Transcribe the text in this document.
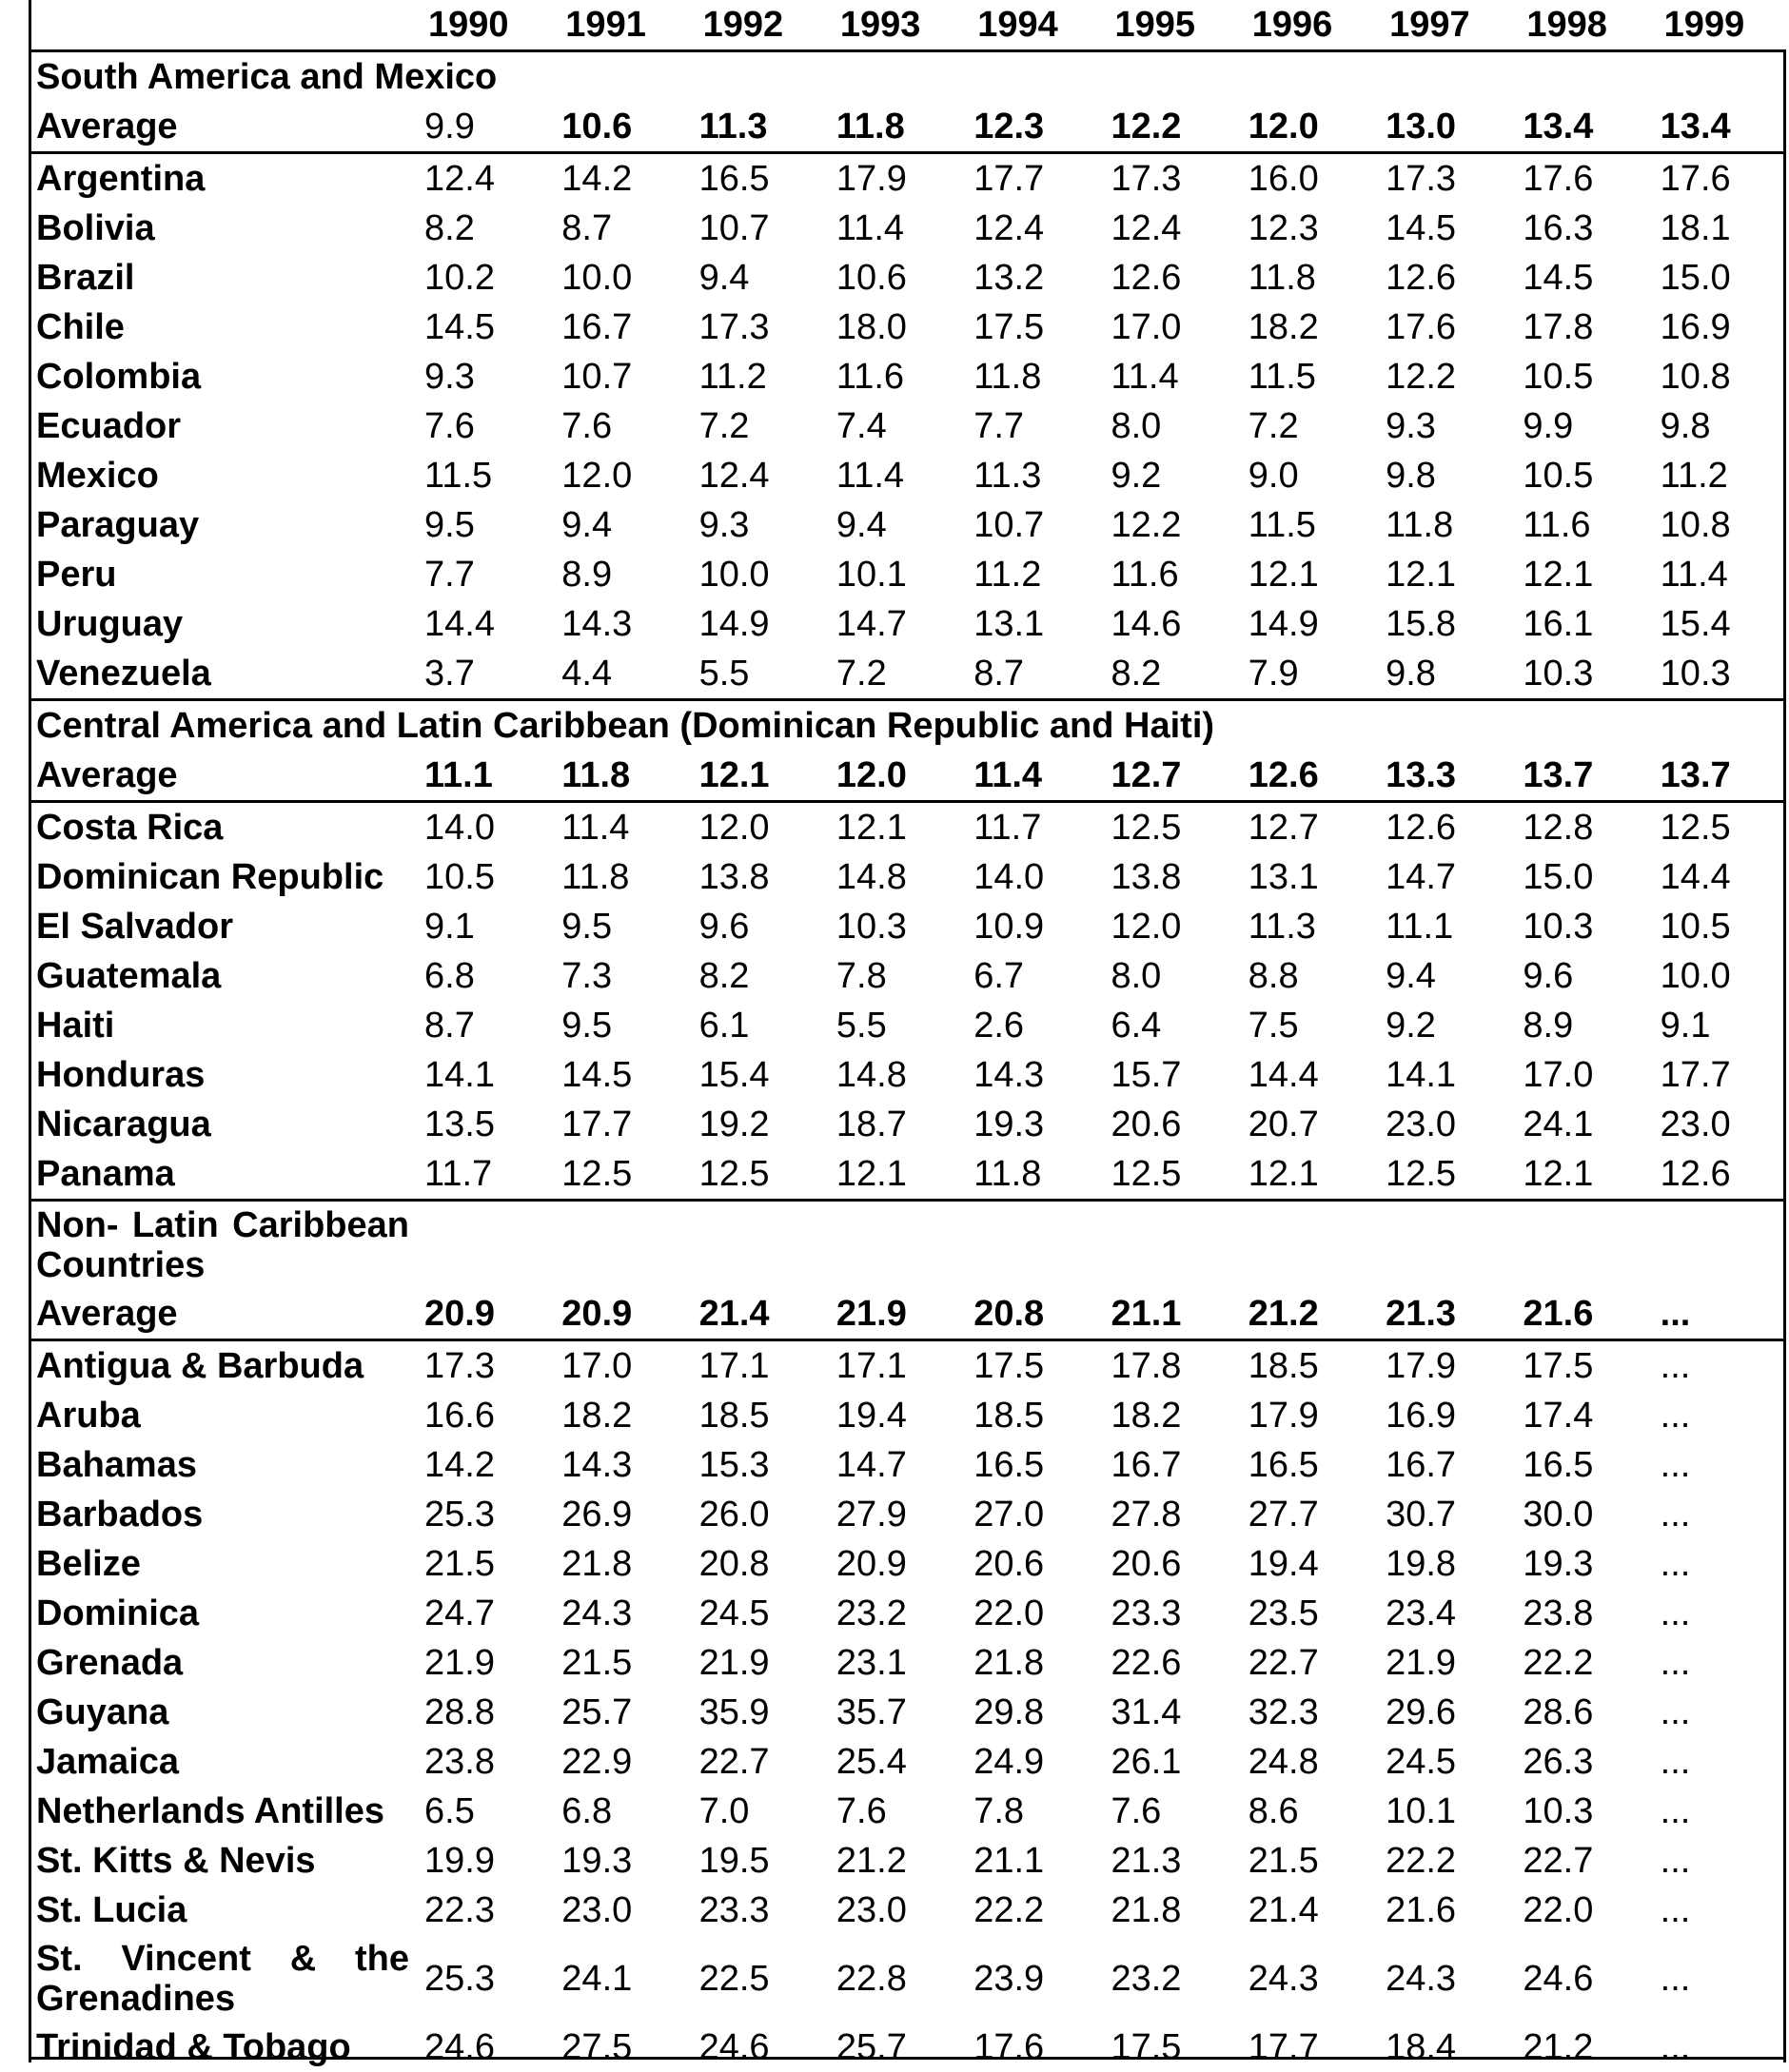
	1990	1991	1992	1993	1994	1995	1996	1997	1998	1999
South America and Mexico										
Average	9.9	10.6	11.3	11.8	12.3	12.2	12.0	13.0	13.4	13.4
Argentina	12.4	14.2	16.5	17.9	17.7	17.3	16.0	17.3	17.6	17.6
Bolivia	8.2	8.7	10.7	11.4	12.4	12.4	12.3	14.5	16.3	18.1
Brazil	10.2	10.0	9.4	10.6	13.2	12.6	11.8	12.6	14.5	15.0
Chile	14.5	16.7	17.3	18.0	17.5	17.0	18.2	17.6	17.8	16.9
Colombia	9.3	10.7	11.2	11.6	11.8	11.4	11.5	12.2	10.5	10.8
Ecuador	7.6	7.6	7.2	7.4	7.7	8.0	7.2	9.3	9.9	9.8
Mexico	11.5	12.0	12.4	11.4	11.3	9.2	9.0	9.8	10.5	11.2
Paraguay	9.5	9.4	9.3	9.4	10.7	12.2	11.5	11.8	11.6	10.8
Peru	7.7	8.9	10.0	10.1	11.2	11.6	12.1	12.1	12.1	11.4
Uruguay	14.4	14.3	14.9	14.7	13.1	14.6	14.9	15.8	16.1	15.4
Venezuela	3.7	4.4	5.5	7.2	8.7	8.2	7.9	9.8	10.3	10.3
Central America and Latin Caribbean (Dominican Republic and Haiti)										
Average	11.1	11.8	12.1	12.0	11.4	12.7	12.6	13.3	13.7	13.7
Costa Rica	14.0	11.4	12.0	12.1	11.7	12.5	12.7	12.6	12.8	12.5
Dominican Republic	10.5	11.8	13.8	14.8	14.0	13.8	13.1	14.7	15.0	14.4
El Salvador	9.1	9.5	9.6	10.3	10.9	12.0	11.3	11.1	10.3	10.5
Guatemala	6.8	7.3	8.2	7.8	6.7	8.0	8.8	9.4	9.6	10.0
Haiti	8.7	9.5	6.1	5.5	2.6	6.4	7.5	9.2	8.9	9.1
Honduras	14.1	14.5	15.4	14.8	14.3	15.7	14.4	14.1	17.0	17.7
Nicaragua	13.5	17.7	19.2	18.7	19.3	20.6	20.7	23.0	24.1	23.0
Panama	11.7	12.5	12.5	12.1	11.8	12.5	12.1	12.5	12.1	12.6

Non- Latin Caribbean
Countries										

Average	20.9	20.9	21.4	21.9	20.8	21.1	21.2	21.3	21.6	...
Antigua & Barbuda	17.3	17.0	17.1	17.1	17.5	17.8	18.5	17.9	17.5	...
Aruba	16.6	18.2	18.5	19.4	18.5	18.2	17.9	16.9	17.4	...
Bahamas	14.2	14.3	15.3	14.7	16.5	16.7	16.5	16.7	16.5	...
Barbados	25.3	26.9	26.0	27.9	27.0	27.8	27.7	30.7	30.0	...
Belize	21.5	21.8	20.8	20.9	20.6	20.6	19.4	19.8	19.3	...
Dominica	24.7	24.3	24.5	23.2	22.0	23.3	23.5	23.4	23.8	...
Grenada	21.9	21.5	21.9	23.1	21.8	22.6	22.7	21.9	22.2	...
Guyana	28.8	25.7	35.9	35.7	29.8	31.4	32.3	29.6	28.6	...
Jamaica	23.8	22.9	22.7	25.4	24.9	26.1	24.8	24.5	26.3	...
Netherlands Antilles	6.5	6.8	7.0	7.6	7.8	7.6	8.6	10.1	10.3	...
St. Kitts & Nevis	19.9	19.3	19.5	21.2	21.1	21.3	21.5	22.2	22.7	...
St. Lucia	22.3	23.0	23.3	23.0	22.2	21.8	21.4	21.6	22.0	...

St. Vincent & the
Grenadines	25.3	24.1	22.5	22.8	23.9	23.2	24.3	24.3	24.6	...
Trinidad & Tobago	24.6	27.5	24.6	25.7	17.6	17.5	17.7	18.4	21.2	...
